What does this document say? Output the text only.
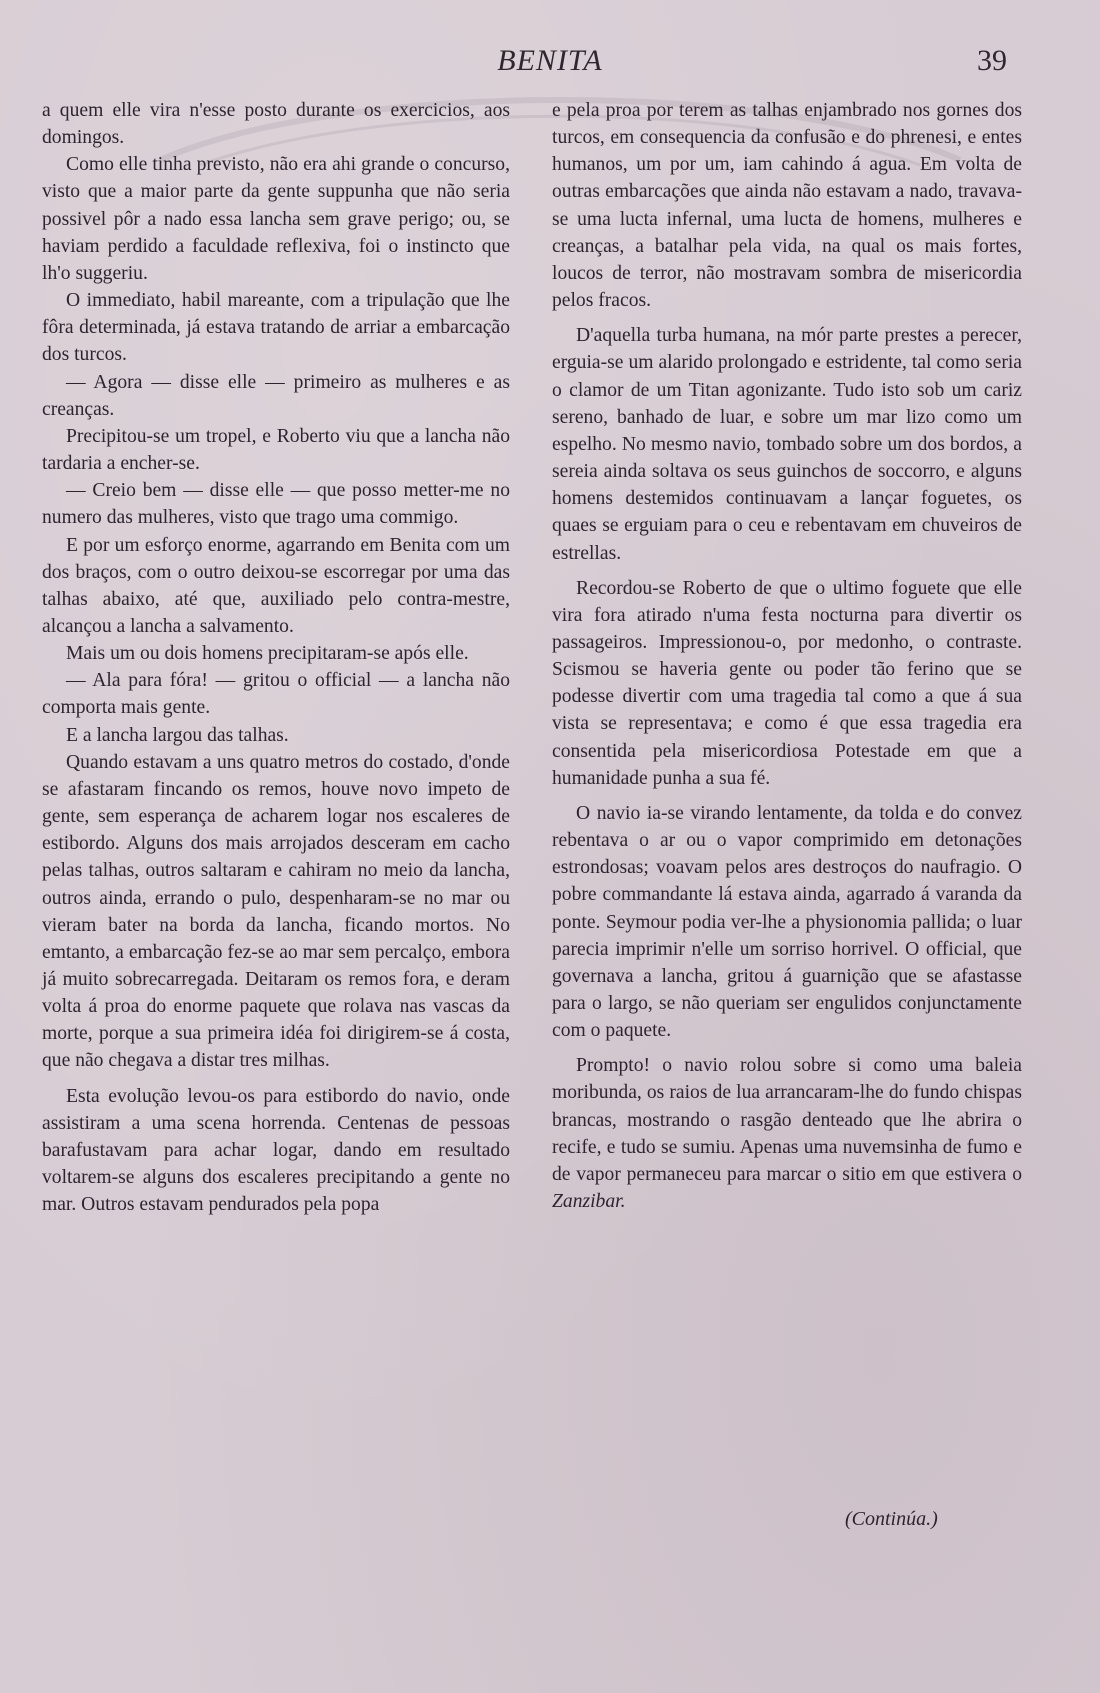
BENITA	39

a quem elle vira n'esse posto durante os exercicios, aos domingos.

Como elle tinha previsto, não era ahi grande o concurso, visto que a maior parte da gente suppunha que não seria possivel pôr a nado essa lancha sem grave perigo; ou, se haviam perdido a faculdade reflexiva, foi o instincto que lh'o suggeriu.

O immediato, habil mareante, com a tripulação que lhe fôra determinada, já estava tratando de arriar a embarcação dos turcos.

— Agora — disse elle — primeiro as mulheres e as creanças.

Precipitou-se um tropel, e Roberto viu que a lancha não tardaria a encher-se.

— Creio bem — disse elle — que posso metter-me no numero das mulheres, visto que trago uma commigo.

E por um esforço enorme, agarrando em Benita com um dos braços, com o outro deixou-se escorregar por uma das talhas abaixo, até que, auxiliado pelo contra-mestre, alcançou a lancha a salvamento.

Mais um ou dois homens precipitaram-se após elle.

— Ala para fóra! — gritou o official — a lancha não comporta mais gente.

E a lancha largou das talhas.

Quando estavam a uns quatro metros do costado, d'onde se afastaram fincando os remos, houve novo impeto de gente, sem esperança de acharem logar nos escaleres de estibordo. Alguns dos mais arrojados desceram em cacho pelas talhas, outros saltaram e cahiram no meio da lancha, outros ainda, errando o pulo, despenharam-se no mar ou vieram bater na borda da lancha, ficando mortos. No emtanto, a embarcação fez-se ao mar sem percalço, embora já muito sobrecarregada. Deitaram os remos fora, e deram volta á proa do enorme paquete que rolava nas vascas da morte, porque a sua primeira idéa foi dirigirem-se á costa, que não chegava a distar tres milhas.

Esta evolução levou-os para estibordo do navio, onde assistiram a uma scena horrenda. Centenas de pessoas barafustavam para achar logar, dando em resultado voltarem-se alguns dos escaleres precipitando a gente no mar. Outros estavam pendurados pela popa

e pela proa por terem as talhas enjambrado nos gornes dos turcos, em consequencia da confusão e do phrenesi, e entes humanos, um por um, iam cahindo á agua. Em volta de outras embarcações que ainda não estavam a nado, travava-se uma lucta infernal, uma lucta de homens, mulheres e creanças, a batalhar pela vida, na qual os mais fortes, loucos de terror, não mostravam sombra de misericordia pelos fracos.

D'aquella turba humana, na mór parte prestes a perecer, erguia-se um alarido prolongado e estridente, tal como seria o clamor de um Titan agonizante. Tudo isto sob um cariz sereno, banhado de luar, e sobre um mar lizo como um espelho. No mesmo navio, tombado sobre um dos bordos, a sereia ainda soltava os seus guinchos de soccorro, e alguns homens destemidos continuavam a lançar foguetes, os quaes se erguiam para o ceu e rebentavam em chuveiros de estrellas.

Recordou-se Roberto de que o ultimo foguete que elle vira fora atirado n'uma festa nocturna para divertir os passageiros. Impressionou-o, por medonho, o contraste. Scismou se haveria gente ou poder tão ferino que se podesse divertir com uma tragedia tal como a que á sua vista se representava; e como é que essa tragedia era consentida pela misericordiosa Potestade em que a humanidade punha a sua fé.

O navio ia-se virando lentamente, da tolda e do convez rebentava o ar ou o vapor comprimido em detonações estrondosas; voavam pelos ares destroços do naufragio. O pobre commandante lá estava ainda, agarrado á varanda da ponte. Seymour podia ver-lhe a physionomia pallida; o luar parecia imprimir n'elle um sorriso horrivel. O official, que governava a lancha, gritou á guarnição que se afastasse para o largo, se não queriam ser engulidos conjunctamente com o paquete.

Prompto! o navio rolou sobre si como uma baleia moribunda, os raios de lua arrancaram-lhe do fundo chispas brancas, mostrando o rasgão denteado que lhe abrira o recife, e tudo se sumiu. Apenas uma nuvemsinha de fumo e de vapor permaneceu para marcar o sitio em que estivera o Zanzibar.

(Continúa.)
